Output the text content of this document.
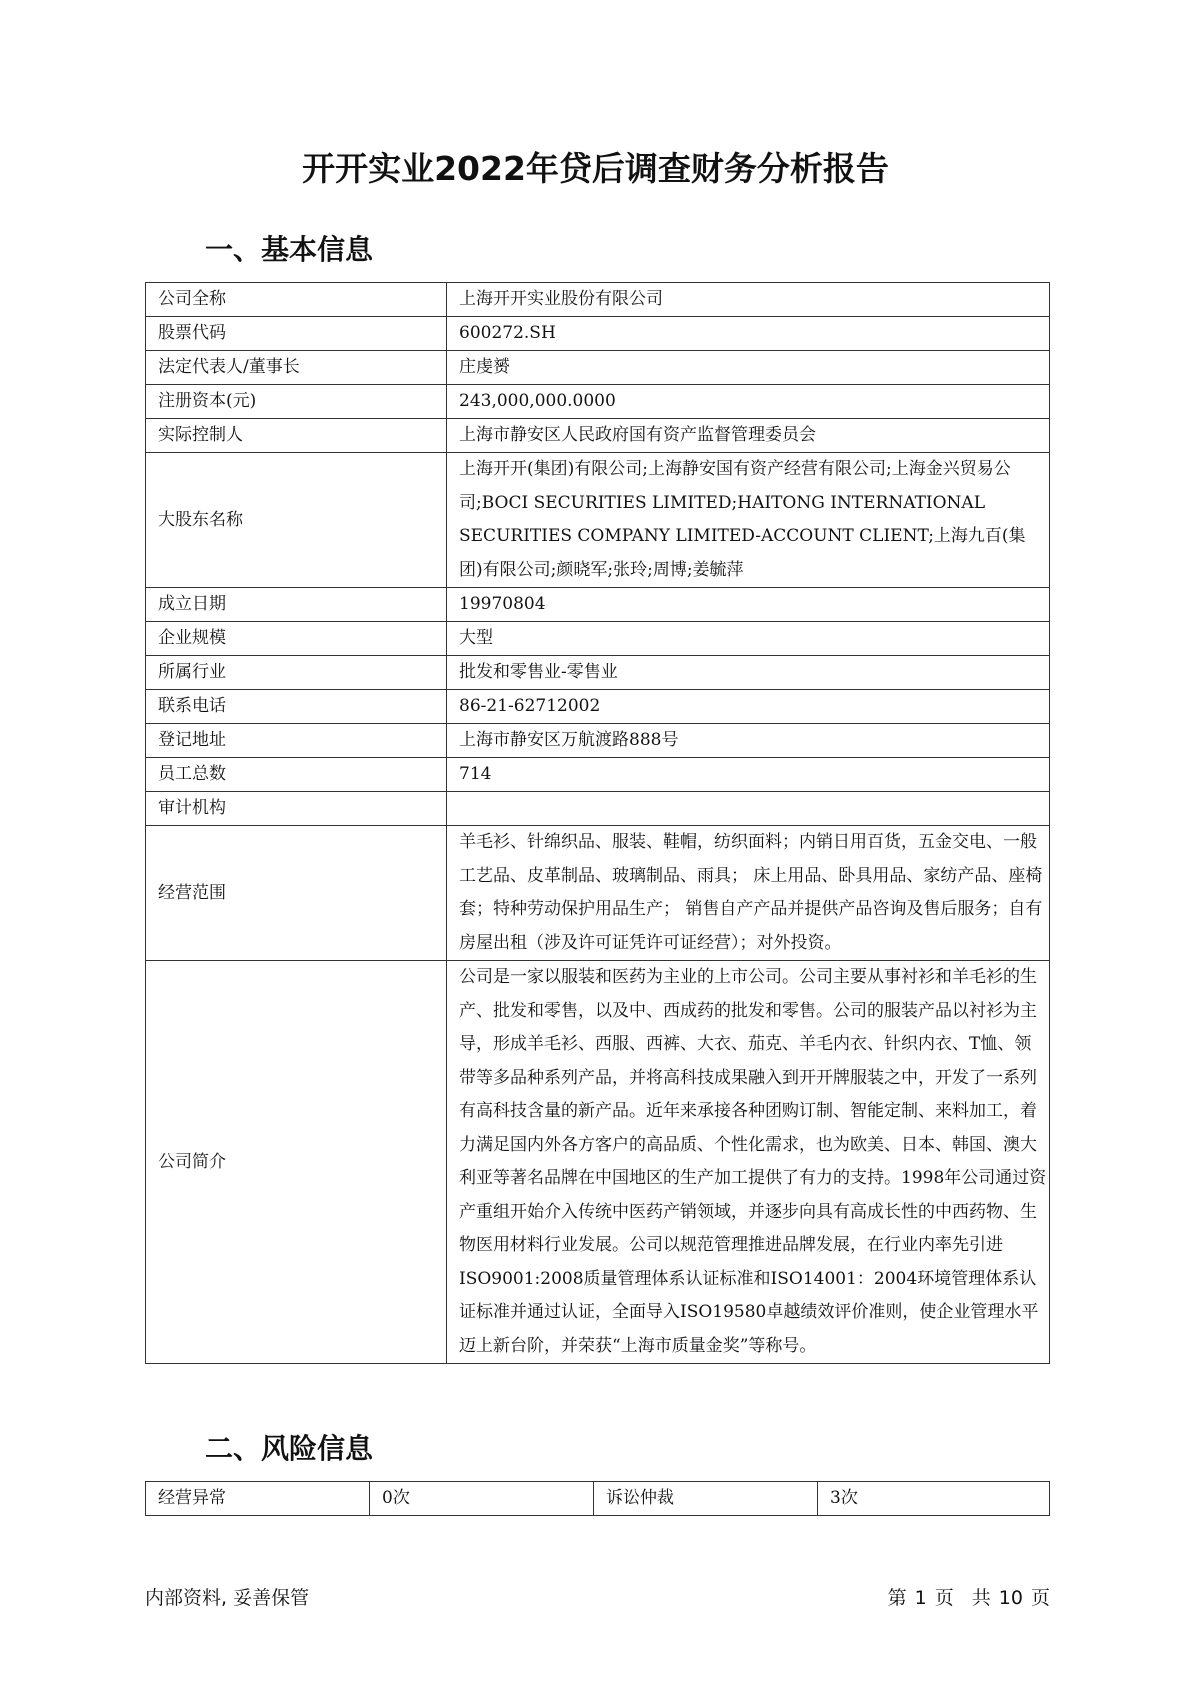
开开实业2022年贷后调查财务分析报告
一、基本信息
公司全称	上海开开实业股份有限公司
股票代码	600272.SH
法定代表人/董事长	庄虔赟
注册资本(元)	243,000,000.0000
实际控制人	上海市静安区人民政府国有资产监督管理委员会
大股东名称	上海开开(集团)有限公司;上海静安国有资产经营有限公司;上海金兴贸易公司;BOCI SECURITIES LIMITED;HAITONG INTERNATIONAL SECURITIES COMPANY LIMITED-ACCOUNT CLIENT;上海九百(集团)有限公司;颜晓军;张玲;周博;姜毓萍
成立日期	19970804
企业规模	大型
所属行业	批发和零售业-零售业
联系电话	86-21-62712002
登记地址	上海市静安区万航渡路888号
员工总数	714
审计机构	
经营范围	羊毛衫、针绵织品、服装、鞋帽，纺织面料；内销日用百货，五金交电、一般工艺品、皮革制品、玻璃制品、雨具； 床上用品、卧具用品、家纺产品、座椅套；特种劳动保护用品生产； 销售自产产品并提供产品咨询及售后服务；自有房屋出租（涉及许可证凭许可证经营）；对外投资。
公司简介	公司是一家以服装和医药为主业的上市公司。公司主要从事衬衫和羊毛衫的生产、批发和零售，以及中、西成药的批发和零售。公司的服装产品以衬衫为主导，形成羊毛衫、西服、西裤、大衣、茄克、羊毛内衣、针织内衣、T恤、领带等多品种系列产品，并将高科技成果融入到开开牌服装之中，开发了一系列有高科技含量的新产品。近年来承接各种团购订制、智能定制、来料加工，着力满足国内外各方客户的高品质、个性化需求，也为欧美、日本、韩国、澳大利亚等著名品牌在中国地区的生产加工提供了有力的支持。1998年公司通过资产重组开始介入传统中医药产销领域，并逐步向具有高成长性的中西药物、生物医用材料行业发展。公司以规范管理推进品牌发展，在行业内率先引进ISO9001:2008质量管理体系认证标准和ISO14001：2004环境管理体系认证标准并通过认证，全面导入ISO19580卓越绩效评价准则，使企业管理水平迈上新台阶，并荣获“上海市质量金奖”等称号。
二、风险信息
经营异常	0次	诉讼仲裁	3次
内部资料, 妥善保管	第 1 页 共 10 页
